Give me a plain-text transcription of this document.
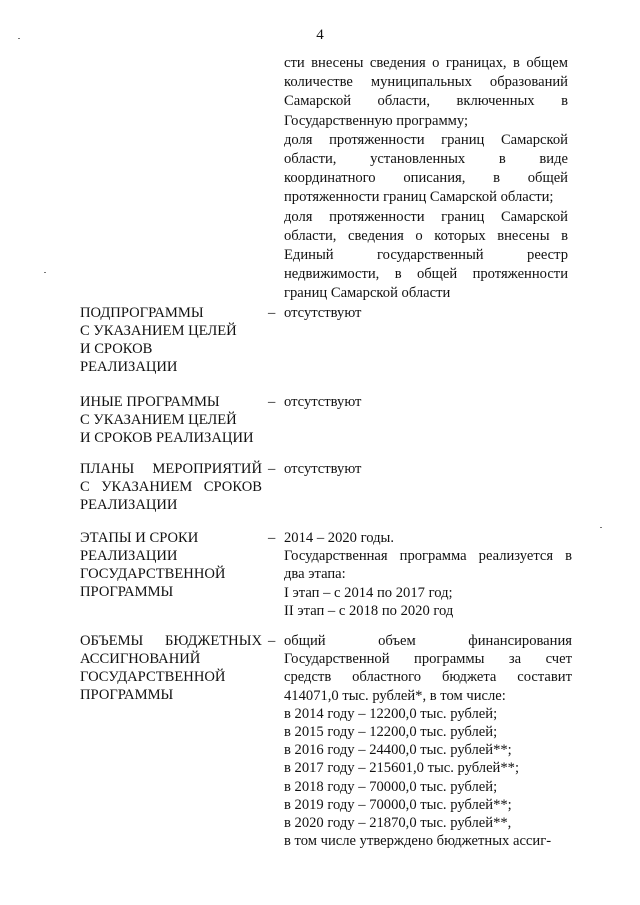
4

сти внесены сведения о границах, в общем количестве муниципальных образований Самарской области, включенных в Государственную программу;

доля протяженности границ Самарской области, установленных в виде координатного описания, в общей протяженности границ Самарской области;

доля протяженности границ Самарской области, сведения о которых внесены в Единый государственный реестр недвижимости, в общей протяженности границ Самарской области

ПОДПРОГРАММЫ
С УКАЗАНИЕМ ЦЕЛЕЙ
И СРОКОВ
РЕАЛИЗАЦИИ
– отсутствуют
ИНЫЕ ПРОГРАММЫ
С УКАЗАНИЕМ ЦЕЛЕЙ
И СРОКОВ РЕАЛИЗАЦИИ
– отсутствуют
ПЛАНЫ МЕРОПРИЯТИЙ
С УКАЗАНИЕМ СРОКОВ
РЕАЛИЗАЦИИ
– отсутствуют
ЭТАПЫ И СРОКИ
РЕАЛИЗАЦИИ
ГОСУДАРСТВЕННОЙ
ПРОГРАММЫ
– 2014 – 2020 годы.
Государственная программа реализуется в
два этапа:
I этап – с 2014 по 2017 год;
II этап – с 2018 по 2020 год
ОБЪЕМЫ БЮДЖЕТНЫХ
АССИГНОВАНИЙ
ГОСУДАРСТВЕННОЙ
ПРОГРАММЫ
– общий объем финансирования
Государственной программы за счет
средств областного бюджета составит
414071,0 тыс. рублей*, в том числе:
в 2014 году – 12200,0 тыс. рублей;
в 2015 году – 12200,0 тыс. рублей;
в 2016 году – 24400,0 тыс. рублей**;
в 2017 году – 215601,0 тыс. рублей**;
в 2018 году – 70000,0 тыс. рублей;
в 2019 году – 70000,0 тыс. рублей**;
в 2020 году – 21870,0 тыс. рублей**,
в том числе утверждено бюджетных ассиг-
